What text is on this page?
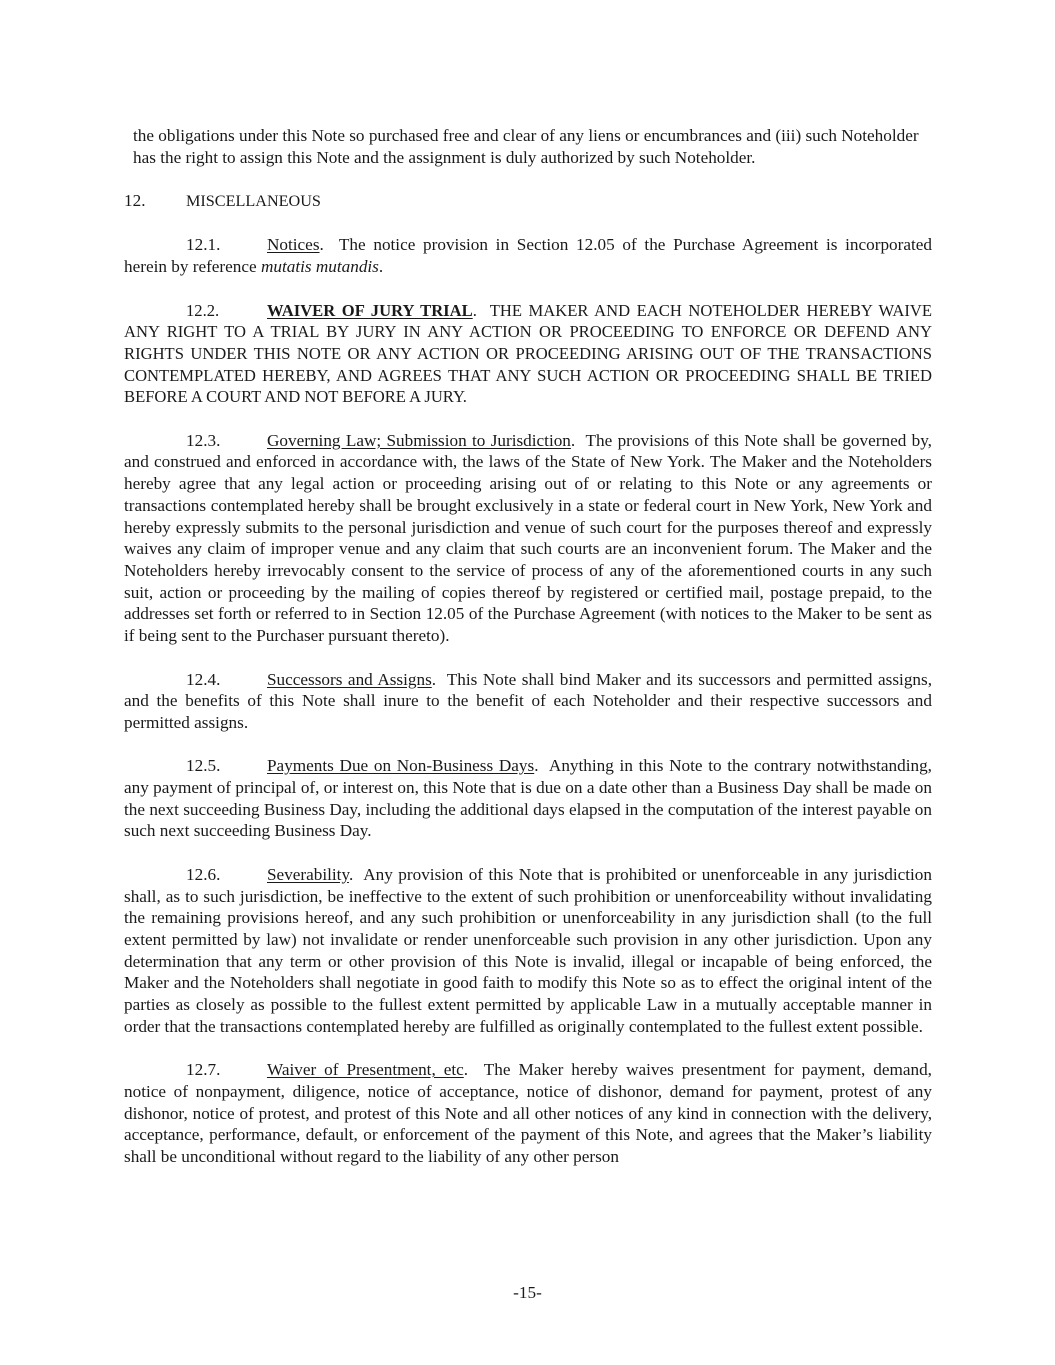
the obligations under this Note so purchased free and clear of any liens or encumbrances and (iii) such Noteholder has the right to assign this Note and the assignment is duly authorized by such Noteholder.

12.	MISCELLANEOUS

12.1.	Notices.  The notice provision in Section 12.05 of the Purchase Agreement is incorporated herein by reference mutatis mutandis.

12.2.	WAIVER OF JURY TRIAL.  THE MAKER AND EACH NOTEHOLDER HEREBY WAIVE ANY RIGHT TO A TRIAL BY JURY IN ANY ACTION OR PROCEEDING TO ENFORCE OR DEFEND ANY RIGHTS UNDER THIS NOTE OR ANY ACTION OR PROCEEDING ARISING OUT OF THE TRANSACTIONS CONTEMPLATED HEREBY, AND AGREES THAT ANY SUCH ACTION OR PROCEEDING SHALL BE TRIED BEFORE A COURT AND NOT BEFORE A JURY.

12.3.	Governing Law; Submission to Jurisdiction.  The provisions of this Note shall be governed by, and construed and enforced in accordance with, the laws of the State of New York. The Maker and the Noteholders hereby agree that any legal action or proceeding arising out of or relating to this Note or any agreements or transactions contemplated hereby shall be brought exclusively in a state or federal court in New York, New York and hereby expressly submits to the personal jurisdiction and venue of such court for the purposes thereof and expressly waives any claim of improper venue and any claim that such courts are an inconvenient forum. The Maker and the Noteholders hereby irrevocably consent to the service of process of any of the aforementioned courts in any such suit, action or proceeding by the mailing of copies thereof by registered or certified mail, postage prepaid, to the addresses set forth or referred to in Section 12.05 of the Purchase Agreement (with notices to the Maker to be sent as if being sent to the Purchaser pursuant thereto).

12.4.	Successors and Assigns.  This Note shall bind Maker and its successors and permitted assigns, and the benefits of this Note shall inure to the benefit of each Noteholder and their respective successors and permitted assigns.

12.5.	Payments Due on Non-Business Days.  Anything in this Note to the contrary notwithstanding, any payment of principal of, or interest on, this Note that is due on a date other than a Business Day shall be made on the next succeeding Business Day, including the additional days elapsed in the computation of the interest payable on such next succeeding Business Day.

12.6.	Severability.  Any provision of this Note that is prohibited or unenforceable in any jurisdiction shall, as to such jurisdiction, be ineffective to the extent of such prohibition or unenforceability without invalidating the remaining provisions hereof, and any such prohibition or unenforceability in any jurisdiction shall (to the full extent permitted by law) not invalidate or render unenforceable such provision in any other jurisdiction. Upon any determination that any term or other provision of this Note is invalid, illegal or incapable of being enforced, the Maker and the Noteholders shall negotiate in good faith to modify this Note so as to effect the original intent of the parties as closely as possible to the fullest extent permitted by applicable Law in a mutually acceptable manner in order that the transactions contemplated hereby are fulfilled as originally contemplated to the fullest extent possible.

12.7.	Waiver of Presentment, etc.  The Maker hereby waives presentment for payment, demand, notice of nonpayment, diligence, notice of acceptance, notice of dishonor, demand for payment, protest of any dishonor, notice of protest, and protest of this Note and all other notices of any kind in connection with the delivery, acceptance, performance, default, or enforcement of the payment of this Note, and agrees that the Maker’s liability shall be unconditional without regard to the liability of any other person

-15-
